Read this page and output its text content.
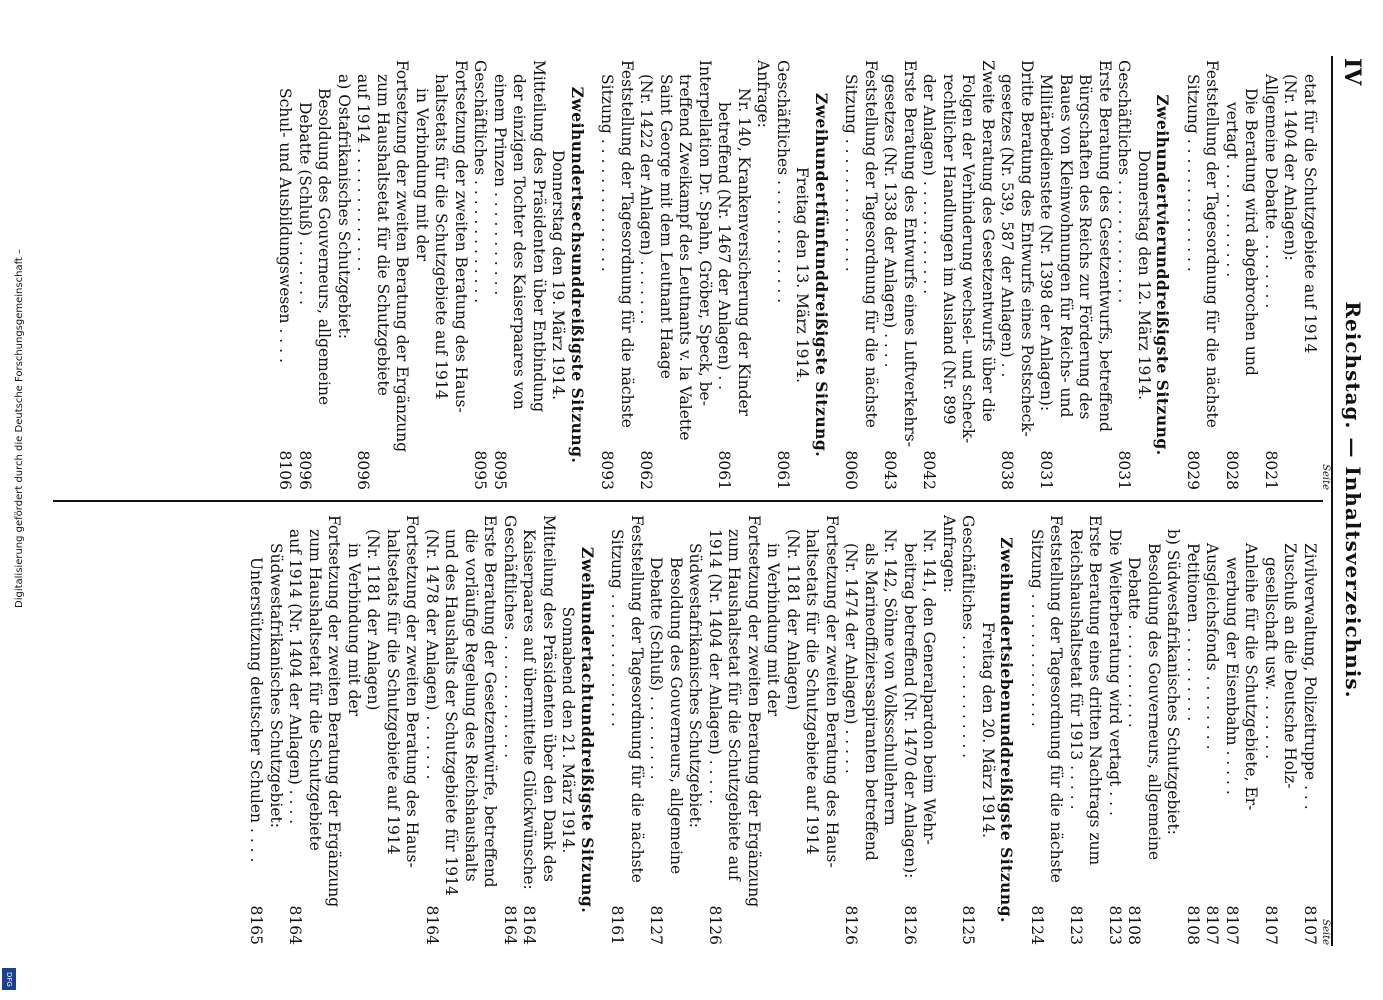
IV
Reichstag. — Inhaltsverzeichnis.
Seite
etat für die Schutzgebiete auf 1914
(Nr. 1404 der Anlagen):
Allgemeine Debatte . . . . . . . .
8021
Die Beratung wird abgebrochen und
vertagt . . . . . . . . . . . .
8028
Feststellung der Tagesordnung für die nächste
Sitzung . . . . . . . . . . . . . .
8029
Zweihundertvierunddreißigste Sitzung.
Donnerstag den 12. März 1914.
Geschäftliches . . . . . . . . . . . . .
8031
Erste Beratung des Gesetzentwurfs, betreffend
Bürgschaften des Reichs zur Förderung des
Baues von Kleinwohnungen für Reichs- und
Militärbedienstete (Nr. 1398 der Anlagen):
8031
Dritte Beratung des Entwurfs eines Postscheck-
gesetzes (Nr. 539, 587 der Anlagen) . .
8038
Zweite Beratung des Gesetzentwurfs über die
Folgen der Verhinderung wechsel- und scheck-
rechtlicher Handlungen im Ausland (Nr. 899
der Anlagen) . . . . . . . . . . . .
8042
Erste Beratung des Entwurfs eines Luftverkehrs-
gesetzes (Nr. 1338 der Anlagen) . . . .
8043
Feststellung der Tagesordnung für die nächste
Sitzung . . . . . . . . . . . . . .
8060
Zweihundertfünfunddreißigste Sitzung.
Freitag den 13. März 1914.
Geschäftliches . . . . . . . . . . . . .
8061
Anfrage:
Nr. 140, Krankenversicherung der Kinder
betreffend (Nr. 1467 der Anlagen) . .
8061
Interpellation Dr. Spahn, Gröber, Speck, be-
treffend Zweikampf des Leutnants v. la Valette
Saint George mit dem Leutnant Haage
(Nr. 1422 der Anlagen) . . . . . . .
8062
Feststellung der Tagesordnung für die nächste
Sitzung . . . . . . . . . . . . . .
8093
Zweihundertsechsunddreißigste Sitzung.
Donnerstag den 19. März 1914.
Mitteilung des Präsidenten über Entbindung
der einzigen Tochter des Kaiserpaares von
einem Prinzen . . . . . . . . . . .
8095
Geschäftliches . . . . . . . . . . . . .
8095
Fortsetzung der zweiten Beratung des Haus-
haltsetats für die Schutzgebiete auf 1914
in Verbindung mit der
Fortsetzung der zweiten Beratung der Ergänzung
zum Haushaltsetat für die Schutzgebiete
auf 1914 . . . . . . . . . . . . .
8096
a) Ostafrikanisches Schutzgebiet:
Besoldung des Gouverneurs, allgemeine
Debatte (Schluß) . . . . . . .
8096
Schul- und Ausbildungswesen . . . .
8106
Seite
Zivilverwaltung, Polizeitruppe . . .
8107
Zuschuß an die Deutsche Holz-
gesellschaft usw. . . . . . . .
8107
Anleihe für die Schutzgebiete, Er-
werbung der Eisenbahn . . . . .
8107
Ausgleichsfonds . . . . . . . .
8107
Petitionen . . . . . . . . . .
8108
b) Südwestafrikanisches Schutzgebiet:
Besoldung des Gouverneurs, allgemeine
Debatte . . . . . . . . . . .
8108
Die Weiterberatung wird vertagt . . .
8123
Erste Beratung eines dritten Nachtrags zum
Reichshaushaltsetat für 1913 . . . . .
8123
Feststellung der Tagesordnung für die nächste
Sitzung . . . . . . . . . . . . . .
8124
Zweihundertsiebenunddreißigste Sitzung.
Freitag den 20. März 1914.
Geschäftliches . . . . . . . . . . . . .
8125
Anfragen:
Nr. 141, den Generalpardon beim Wehr-
beitrag betreffend (Nr. 1470 der Anlagen):
8126
Nr. 142, Söhne von Volksschullehrern
als Marineoffiziersaspiranten betreffend
(Nr. 1474 der Anlagen) . . . . .
8126
Fortsetzung der zweiten Beratung des Haus-
haltsetats für die Schutzgebiete auf 1914
(Nr. 1181 der Anlagen)
in Verbindung mit der
Fortsetzung der zweiten Beratung der Ergänzung
zum Haushaltsetat für die Schutzgebiete auf
1914 (Nr. 1404 der Anlagen) . . . . .
8126
Südwestafrikanisches Schutzgebiet:
Besoldung des Gouverneurs, allgemeine
Debatte (Schluß) . . . . . . . . .
8127
Feststellung der Tagesordnung für die nächste
Sitzung . . . . . . . . . . . . . .
8161
Zweihundertachtunddreißigste Sitzung.
Sonnabend den 21. März 1914.
Mitteilung des Präsidenten über den Dank des
Kaiserpaares auf übermittelte Glückwünsche:
8164
Geschäftliches . . . . . . . . . . . . .
8164
Erste Beratung der Gesetzentwürfe, betreffend
die vorläufige Regelung des Reichshaushalts
und des Haushalts der Schutzgebiete für 1914
(Nr. 1478 der Anlagen) . . . . . . .
8164
Fortsetzung der zweiten Beratung des Haus-
haltsetats für die Schutzgebiete auf 1914
(Nr. 1181 der Anlagen)
in Verbindung mit der
Fortsetzung der zweiten Beratung der Ergänzung
zum Haushaltsetat für die Schutzgebiete
auf 1914 (Nr. 1404 der Anlagen) . . . .
8164
Südwestafrikanisches Schutzgebiet:
Unterstützung deutscher Schulen . . . .
8165
Digitalisierung gefördert durch die Deutsche Forschungsgemeinschaft –
DFG
